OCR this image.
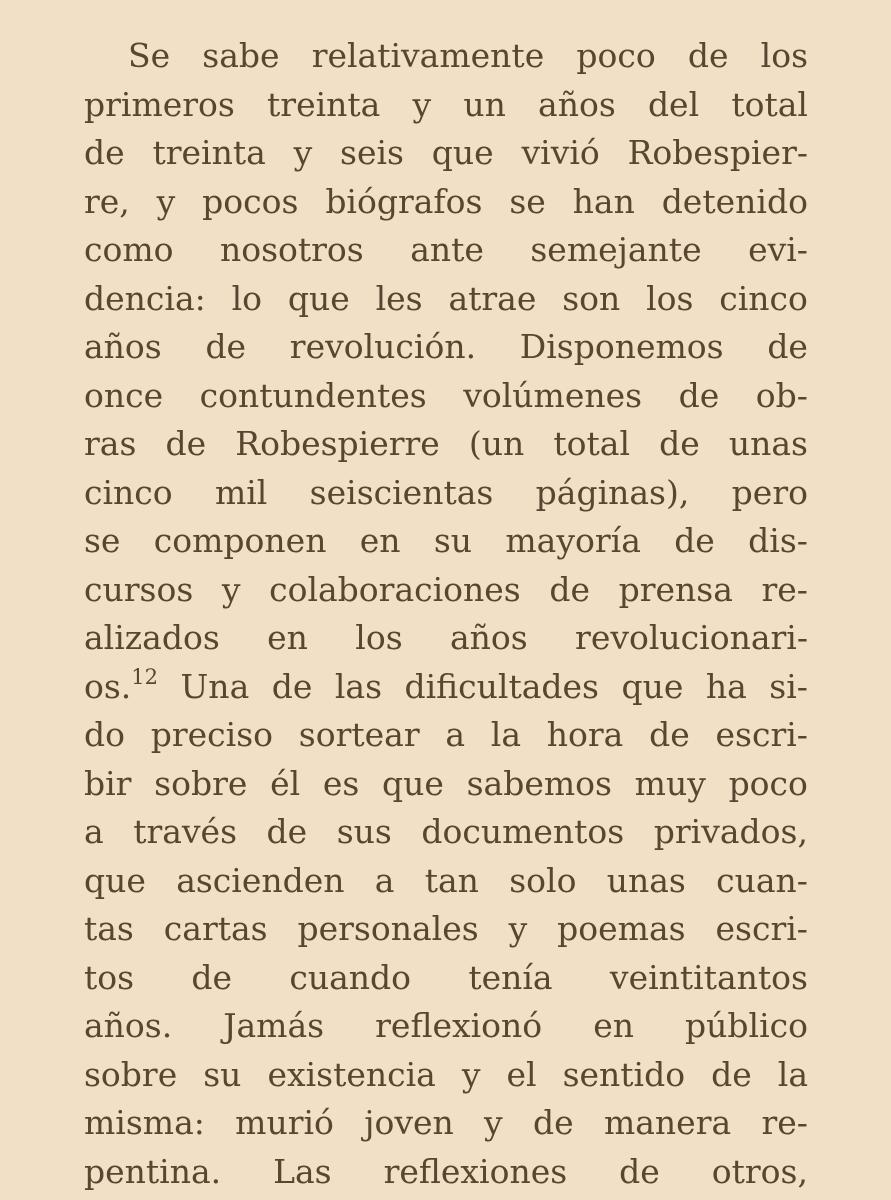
Se sabe relativamente poco de los
primeros treinta y un años del total
de treinta y seis que vivió Robespier-
re, y pocos biógrafos se han detenido
como nosotros ante semejante evi-
dencia: lo que les atrae son los cinco
años de revolución. Disponemos de
once contundentes volúmenes de ob-
ras de Robespierre (un total de unas
cinco mil seiscientas páginas), pero
se componen en su mayoría de dis-
cursos y colaboraciones de prensa re-
alizados en los años revolucionari-
os.$^{12}$ Una de las dificultades que ha si-
do preciso sortear a la hora de escri-
bir sobre él es que sabemos muy poco
a través de sus documentos privados,
que ascienden a tan solo unas cuan-
tas cartas personales y poemas escri-
tos de cuando tenía veintitantos
años. Jamás reflexionó en público
sobre su existencia y el sentido de la
misma: murió joven y de manera re-
pentina. Las reflexiones de otros,
